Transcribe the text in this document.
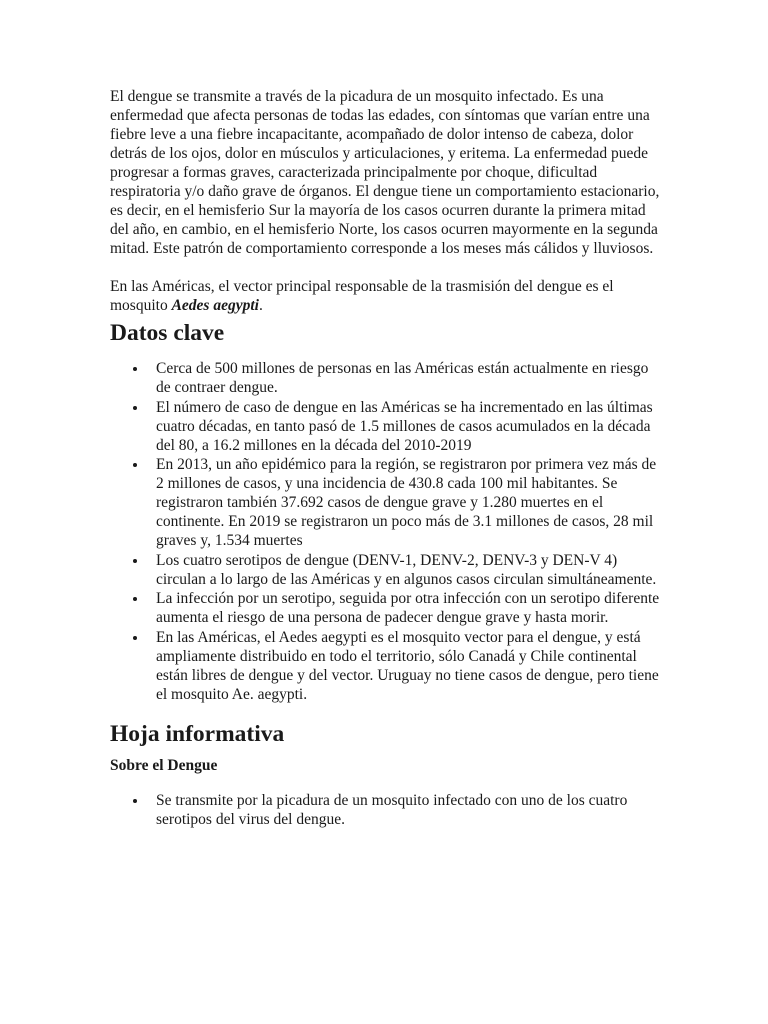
El dengue se transmite a través de la picadura de un mosquito infectado. Es una enfermedad que afecta personas de todas las edades, con síntomas que varían entre una fiebre leve a una fiebre incapacitante, acompañado de dolor intenso de cabeza, dolor detrás de los ojos, dolor en músculos y articulaciones, y eritema. La enfermedad puede progresar a formas graves, caracterizada principalmente por choque, dificultad respiratoria y/o daño grave de órganos. El dengue tiene un comportamiento estacionario, es decir, en el hemisferio Sur la mayoría de los casos ocurren durante la primera mitad del año, en cambio, en el hemisferio Norte, los casos ocurren mayormente en la segunda mitad. Este patrón de comportamiento corresponde a los meses más cálidos y lluviosos.

En las Américas, el vector principal responsable de la trasmisión del dengue es el mosquito Aedes aegypti.

Datos clave
Cerca de 500 millones de personas en las Américas están actualmente en riesgo de contraer dengue.
El número de caso de dengue en las Américas se ha incrementado en las últimas cuatro décadas, en tanto pasó de 1.5 millones de casos acumulados en la década del 80, a 16.2 millones en la década del 2010-2019
En 2013, un año epidémico para la región, se registraron por primera vez más de 2 millones de casos, y una incidencia de 430.8 cada 100 mil habitantes. Se registraron también 37.692 casos de dengue grave y 1.280 muertes en el continente. En 2019 se registraron un poco más de 3.1 millones de casos, 28 mil graves y, 1.534 muertes
Los cuatro serotipos de dengue (DENV-1, DENV-2, DENV-3 y DEN-V 4) circulan a lo largo de las Américas y en algunos casos circulan simultáneamente.
La infección por un serotipo, seguida por otra infección con un serotipo diferente aumenta el riesgo de una persona de padecer dengue grave y hasta morir.
En las Américas, el Aedes aegypti es el mosquito vector para el dengue, y está ampliamente distribuido en todo el territorio, sólo Canadá y Chile continental están libres de dengue y del vector. Uruguay no tiene casos de dengue, pero tiene el mosquito Ae. aegypti.
Hoja informativa
Sobre el Dengue
Se transmite por la picadura de un mosquito infectado con uno de los cuatro serotipos del virus del dengue.
